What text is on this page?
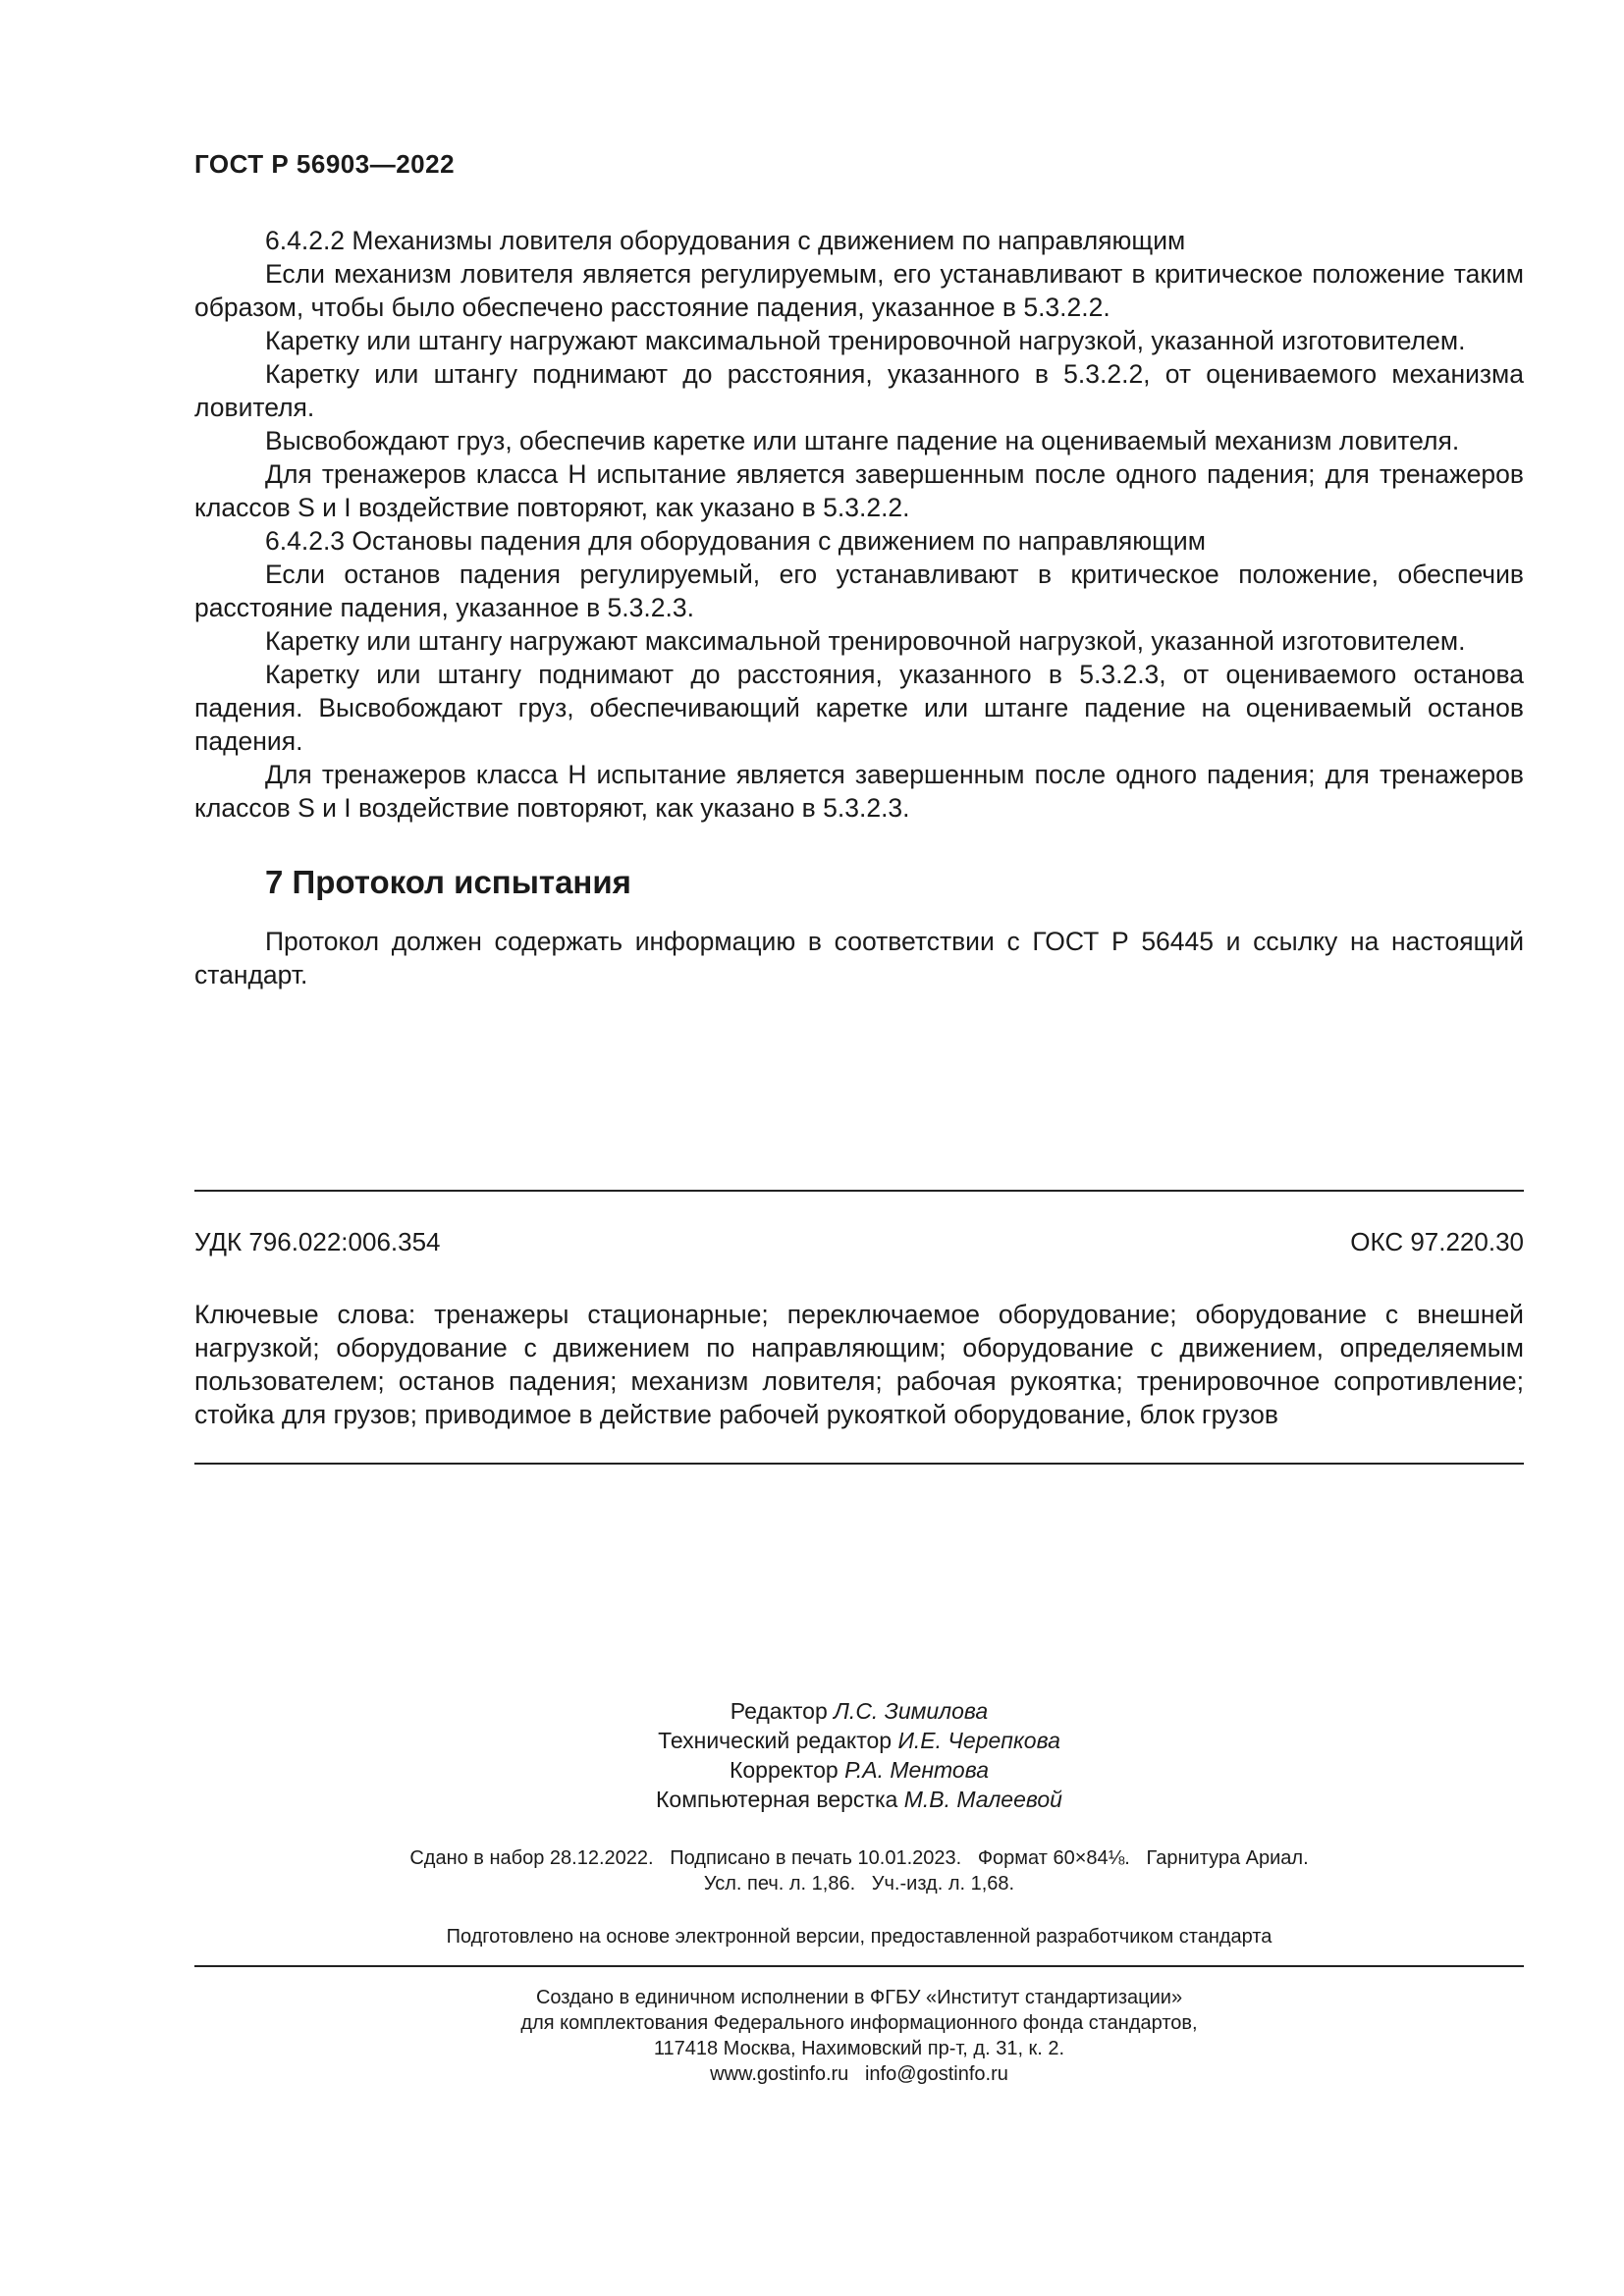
ГОСТ Р 56903—2022

6.4.2.2 Механизмы ловителя оборудования с движением по направляющим

Если механизм ловителя является регулируемым, его устанавливают в критическое положение таким образом, чтобы было обеспечено расстояние падения, указанное в 5.3.2.2.

Каретку или штангу нагружают максимальной тренировочной нагрузкой, указанной изготовителем.

Каретку или штангу поднимают до расстояния, указанного в 5.3.2.2, от оцениваемого механизма ловителя.

Высвобождают груз, обеспечив каретке или штанге падение на оцениваемый механизм ловителя.

Для тренажеров класса H испытание является завершенным после одного падения; для тренажеров классов S и I воздействие повторяют, как указано в 5.3.2.2.

6.4.2.3 Остановы падения для оборудования с движением по направляющим

Если останов падения регулируемый, его устанавливают в критическое положение, обеспечив расстояние падения, указанное в 5.3.2.3.

Каретку или штангу нагружают максимальной тренировочной нагрузкой, указанной изготовителем.

Каретку или штангу поднимают до расстояния, указанного в 5.3.2.3, от оцениваемого останова падения. Высвобождают груз, обеспечивающий каретке или штанге падение на оцениваемый останов падения.

Для тренажеров класса H испытание является завершенным после одного падения; для тренажеров классов S и I воздействие повторяют, как указано в 5.3.2.3.

7 Протокол испытания

Протокол должен содержать информацию в соответствии с ГОСТ Р 56445 и ссылку на настоящий стандарт.

УДК 796.022:006.354	ОКС 97.220.30
Ключевые слова: тренажеры стационарные; переключаемое оборудование; оборудование с внешней нагрузкой; оборудование с движением по направляющим; оборудование с движением, определяемым пользователем; останов падения; механизм ловителя; рабочая рукоятка; тренировочное сопротивление; стойка для грузов; приводимое в действие рабочей рукояткой оборудование, блок грузов
Редактор Л.С. Зимилова
Технический редактор И.Е. Черепкова
Корректор Р.А. Ментова
Компьютерная верстка М.В. Малеевой
Сдано в набор 28.12.2022.   Подписано в печать 10.01.2023.   Формат 60×84⅛.   Гарнитура Ариал.
Усл. печ. л. 1,86.   Уч.-изд. л. 1,68.
Подготовлено на основе электронной версии, предоставленной разработчиком стандарта
Создано в единичном исполнении в ФГБУ «Институт стандартизации»
для комплектования Федерального информационного фонда стандартов,
117418 Москва, Нахимовский пр-т, д. 31, к. 2.
www.gostinfo.ru   info@gostinfo.ru
